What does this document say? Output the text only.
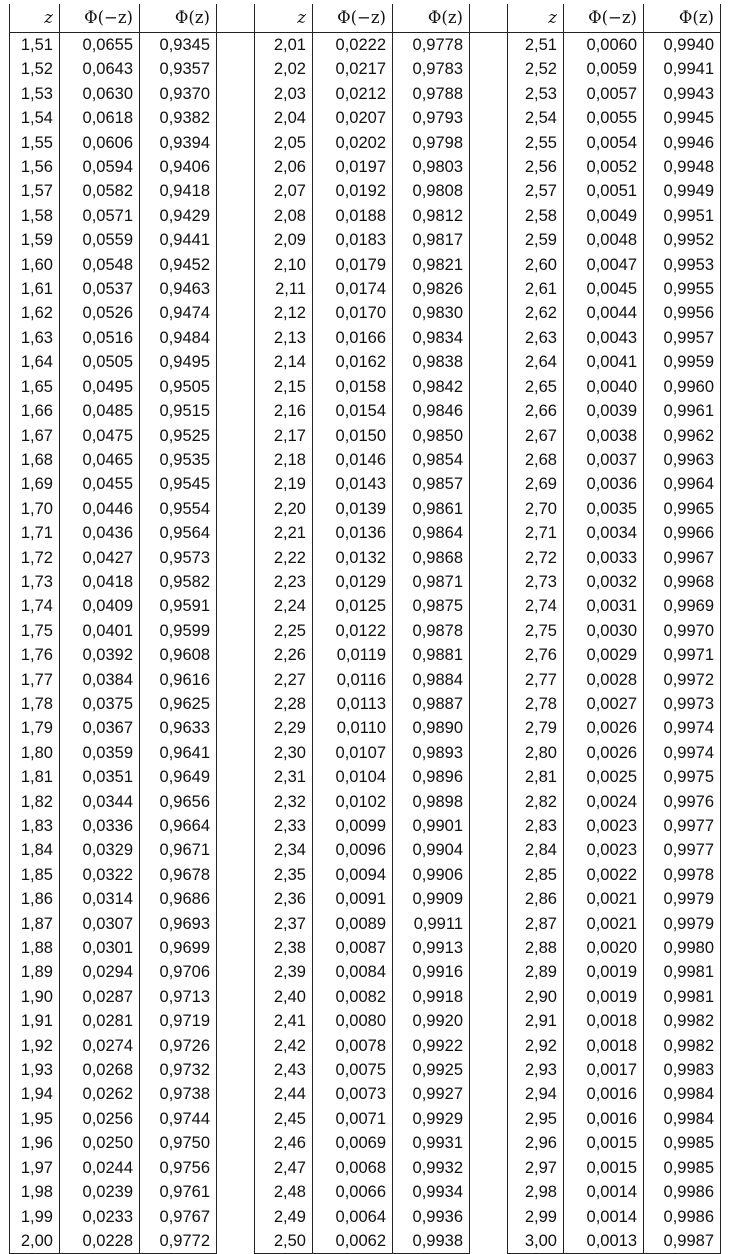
z	Φ(−z)	Φ(z)		z	Φ(−z)	Φ(z)		z	Φ(−z)	Φ(z)
1,51	0,0655	0,9345		2,01	0,0222	0,9778		2,51	0,0060	0,9940
1,52	0,0643	0,9357		2,02	0,0217	0,9783		2,52	0,0059	0,9941
1,53	0,0630	0,9370		2,03	0,0212	0,9788		2,53	0,0057	0,9943
1,54	0,0618	0,9382		2,04	0,0207	0,9793		2,54	0,0055	0,9945
1,55	0,0606	0,9394		2,05	0,0202	0,9798		2,55	0,0054	0,9946
1,56	0,0594	0,9406		2,06	0,0197	0,9803		2,56	0,0052	0,9948
1,57	0,0582	0,9418		2,07	0,0192	0,9808		2,57	0,0051	0,9949
1,58	0,0571	0,9429		2,08	0,0188	0,9812		2,58	0,0049	0,9951
1,59	0,0559	0,9441		2,09	0,0183	0,9817		2,59	0,0048	0,9952
1,60	0,0548	0,9452		2,10	0,0179	0,9821		2,60	0,0047	0,9953
1,61	0,0537	0,9463		2,11	0,0174	0,9826		2,61	0,0045	0,9955
1,62	0,0526	0,9474		2,12	0,0170	0,9830		2,62	0,0044	0,9956
1,63	0,0516	0,9484		2,13	0,0166	0,9834		2,63	0,0043	0,9957
1,64	0,0505	0,9495		2,14	0,0162	0,9838		2,64	0,0041	0,9959
1,65	0,0495	0,9505		2,15	0,0158	0,9842		2,65	0,0040	0,9960
1,66	0,0485	0,9515		2,16	0,0154	0,9846		2,66	0,0039	0,9961
1,67	0,0475	0,9525		2,17	0,0150	0,9850		2,67	0,0038	0,9962
1,68	0,0465	0,9535		2,18	0,0146	0,9854		2,68	0,0037	0,9963
1,69	0,0455	0,9545		2,19	0,0143	0,9857		2,69	0,0036	0,9964
1,70	0,0446	0,9554		2,20	0,0139	0,9861		2,70	0,0035	0,9965
1,71	0,0436	0,9564		2,21	0,0136	0,9864		2,71	0,0034	0,9966
1,72	0,0427	0,9573		2,22	0,0132	0,9868		2,72	0,0033	0,9967
1,73	0,0418	0,9582		2,23	0,0129	0,9871		2,73	0,0032	0,9968
1,74	0,0409	0,9591		2,24	0,0125	0,9875		2,74	0,0031	0,9969
1,75	0,0401	0,9599		2,25	0,0122	0,9878		2,75	0,0030	0,9970
1,76	0,0392	0,9608		2,26	0,0119	0,9881		2,76	0,0029	0,9971
1,77	0,0384	0,9616		2,27	0,0116	0,9884		2,77	0,0028	0,9972
1,78	0,0375	0,9625		2,28	0,0113	0,9887		2,78	0,0027	0,9973
1,79	0,0367	0,9633		2,29	0,0110	0,9890		2,79	0,0026	0,9974
1,80	0,0359	0,9641		2,30	0,0107	0,9893		2,80	0,0026	0,9974
1,81	0,0351	0,9649		2,31	0,0104	0,9896		2,81	0,0025	0,9975
1,82	0,0344	0,9656		2,32	0,0102	0,9898		2,82	0,0024	0,9976
1,83	0,0336	0,9664		2,33	0,0099	0,9901		2,83	0,0023	0,9977
1,84	0,0329	0,9671		2,34	0,0096	0,9904		2,84	0,0023	0,9977
1,85	0,0322	0,9678		2,35	0,0094	0,9906		2,85	0,0022	0,9978
1,86	0,0314	0,9686		2,36	0,0091	0,9909		2,86	0,0021	0,9979
1,87	0,0307	0,9693		2,37	0,0089	0,9911		2,87	0,0021	0,9979
1,88	0,0301	0,9699		2,38	0,0087	0,9913		2,88	0,0020	0,9980
1,89	0,0294	0,9706		2,39	0,0084	0,9916		2,89	0,0019	0,9981
1,90	0,0287	0,9713		2,40	0,0082	0,9918		2,90	0,0019	0,9981
1,91	0,0281	0,9719		2,41	0,0080	0,9920		2,91	0,0018	0,9982
1,92	0,0274	0,9726		2,42	0,0078	0,9922		2,92	0,0018	0,9982
1,93	0,0268	0,9732		2,43	0,0075	0,9925		2,93	0,0017	0,9983
1,94	0,0262	0,9738		2,44	0,0073	0,9927		2,94	0,0016	0,9984
1,95	0,0256	0,9744		2,45	0,0071	0,9929		2,95	0,0016	0,9984
1,96	0,0250	0,9750		2,46	0,0069	0,9931		2,96	0,0015	0,9985
1,97	0,0244	0,9756		2,47	0,0068	0,9932		2,97	0,0015	0,9985
1,98	0,0239	0,9761		2,48	0,0066	0,9934		2,98	0,0014	0,9986
1,99	0,0233	0,9767		2,49	0,0064	0,9936		2,99	0,0014	0,9986
2,00	0,0228	0,9772		2,50	0,0062	0,9938		3,00	0,0013	0,9987
